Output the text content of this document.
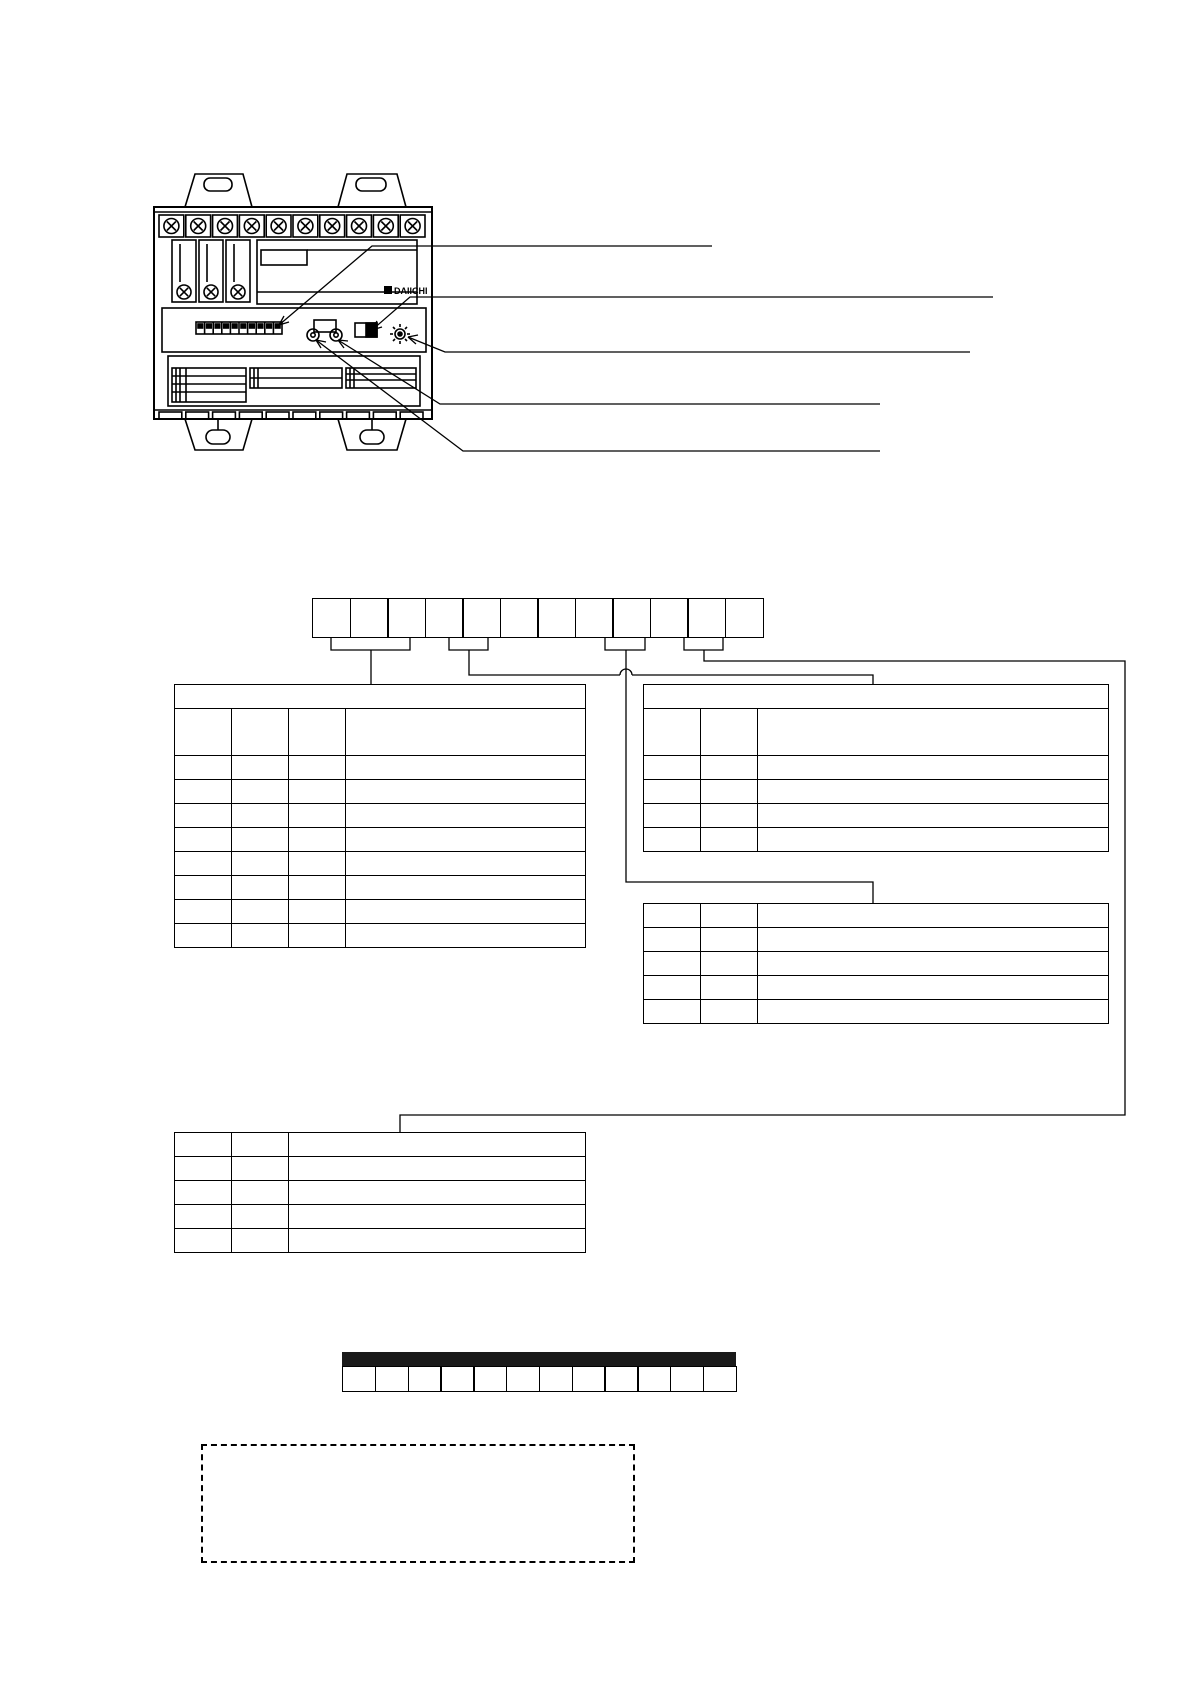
DAIICHI
